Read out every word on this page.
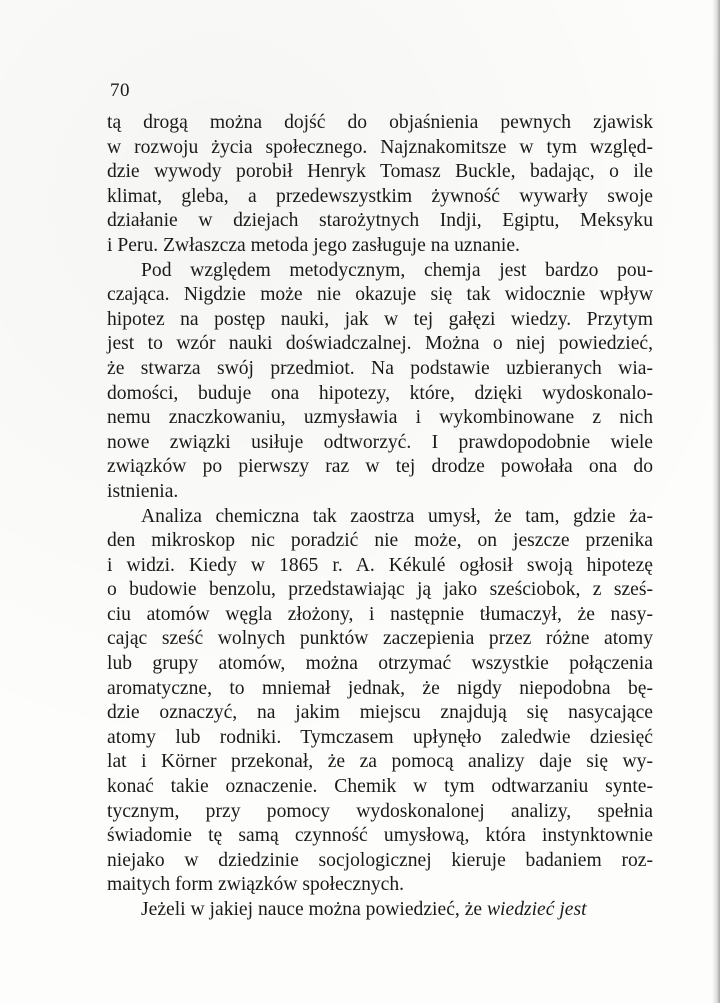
70
tą drogą można dojść do objaśnienia pewnych zjawisk
w rozwoju życia społecznego. Najznakomitsze w tym względ-
dzie wywody porobił Henryk Tomasz Buckle, badając, o ile
klimat, gleba, a przedewszystkim żywność wywarły swoje
działanie w dziejach starożytnych Indji, Egiptu, Meksyku
i Peru. Zwłaszcza metoda jego zasługuje na uznanie.
Pod względem metodycznym, chemja jest bardzo pou-
czająca. Nigdzie może nie okazuje się tak widocznie wpływ
hipotez na postęp nauki, jak w tej gałęzi wiedzy. Przytym
jest to wzór nauki doświadczalnej. Można o niej powiedzieć,
że stwarza swój przedmiot. Na podstawie uzbieranych wia-
domości, buduje ona hipotezy, które, dzięki wydoskonalo-
nemu znaczkowaniu, uzmysławia i wykombinowane z nich
nowe związki usiłuje odtworzyć. I prawdopodobnie wiele
związków po pierwszy raz w tej drodze powołała ona do
istnienia.
Analiza chemiczna tak zaostrza umysł, że tam, gdzie ża-
den mikroskop nic poradzić nie może, on jeszcze przenika
i widzi. Kiedy w 1865 r. A. Kékulé ogłosił swoją hipotezę
o budowie benzolu, przedstawiając ją jako sześciobok, z sześ-
ciu atomów węgla złożony, i następnie tłumaczył, że nasy-
cając sześć wolnych punktów zaczepienia przez różne atomy
lub grupy atomów, można otrzymać wszystkie połączenia
aromatyczne, to mniemał jednak, że nigdy niepodobna bę-
dzie oznaczyć, na jakim miejscu znajdują się nasycające
atomy lub rodniki. Tymczasem upłynęło zaledwie dziesięć
lat i Körner przekonał, że za pomocą analizy daje się wy-
konać takie oznaczenie. Chemik w tym odtwarzaniu synte-
tycznym, przy pomocy wydoskonalonej analizy, spełnia
świadomie tę samą czynność umysłową, która instynktownie
niejako w dziedzinie socjologicznej kieruje badaniem roz-
maitych form związków społecznych.
Jeżeli w jakiej nauce można powiedzieć, że wiedzieć jest
